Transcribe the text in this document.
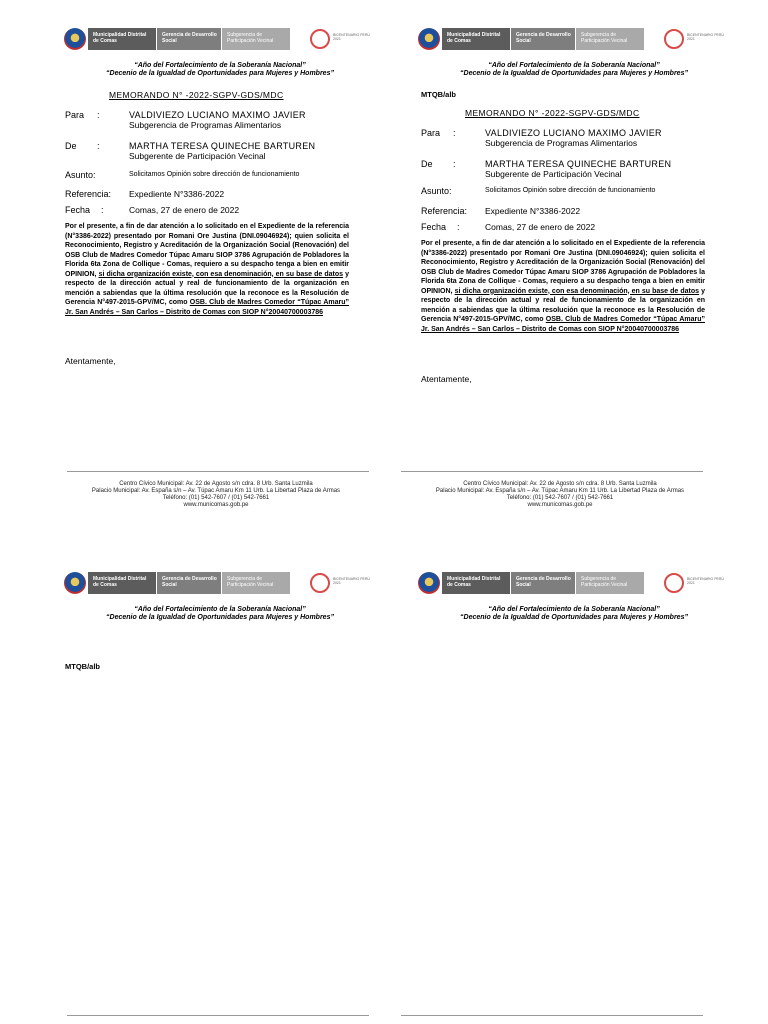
Municipalidad Distrital de Comas
Gerencia de Desarrollo Social
Subgerencia de Participación Vecinal
BICENTENARIO PERÚ 2021
“Año del Fortalecimiento de la Soberanía Nacional”
“Decenio de la Igualdad de Oportunidades para Mujeres y Hombres”
MEMORANDO N° -2022-SGPV-GDS/MDC
Para :	VALDIVIEZO LUCIANO MAXIMO JAVIER
Subgerencia de Programas Alimentarios
De :	MARTHA TERESA QUINECHE BARTUREN
Subgerente de Participación Vecinal
Asunto:	Solicitamos Opinión sobre dirección de funcionamiento
Referencia: Expediente N°3386-2022
Fecha :	Comas, 27 de enero de 2022
Por el presente, a fin de dar atención a lo solicitado en el Expediente de la referencia (N°3386-2022) presentado por Romani Ore Justina (DNI.09046924); quien solicita el Reconocimiento, Registro y Acreditación de la Organización Social (Renovación) del OSB Club de Madres Comedor Túpac Amaru SIOP 3786 Agrupación de Pobladores la Florida 6ta Zona de Collique - Comas, requiero a su despacho tenga a bien en emitir OPINION, si dicha organización existe, con esa denominación, en su base de datos y respecto de la dirección actual y real de funcionamiento de la organización en mención a sabiendas que la última resolución que la reconoce es la Resolución de Gerencia N°497-2015-GPV/MC, como OSB. Club de Madres Comedor “Túpac Amaru” Jr. San Andrés – San Carlos – Distrito de Comas con SIOP N°20040700003786
Atentamente,
Centro Cívico Municipal: Av. 22 de Agosto s/n cdra. 8 Urb. Santa Luzmila
Palacio Municipal: Av. España s/n – Av. Túpac Amaru Km 11 Urb. La Libertad Plaza de Armas
Teléfono: (01) 542-7607 / (01) 542-7661
www.municomas.gob.pe
Municipalidad Distrital de Comas
Gerencia de Desarrollo Social
Subgerencia de Participación Vecinal
BICENTENARIO PERÚ 2021
“Año del Fortalecimiento de la Soberanía Nacional”
“Decenio de la Igualdad de Oportunidades para Mujeres y Hombres”
MTQB/alb
MEMORANDO N° -2022-SGPV-GDS/MDC
Para :	VALDIVIEZO LUCIANO MAXIMO JAVIER
Subgerencia de Programas Alimentarios
De :	MARTHA TERESA QUINECHE BARTUREN
Subgerente de Participación Vecinal
Asunto:	Solicitamos Opinión sobre dirección de funcionamiento
Referencia: Expediente N°3386-2022
Fecha :	Comas, 27 de enero de 2022
Por el presente, a fin de dar atención a lo solicitado en el Expediente de la referencia (N°3386-2022) presentado por Romani Ore Justina (DNI.09046924); quien solicita el Reconocimiento, Registro y Acreditación de la Organización Social (Renovación) del OSB Club de Madres Comedor Túpac Amaru SIOP 3786 Agrupación de Pobladores la Florida 6ta Zona de Collique - Comas, requiero a su despacho tenga a bien en emitir OPINION, si dicha organización existe, con esa denominación, en su base de datos y respecto de la dirección actual y real de funcionamiento de la organización en mención a sabiendas que la última resolución que la reconoce es la Resolución de Gerencia N°497-2015-GPV/MC, como OSB. Club de Madres Comedor “Túpac Amaru” Jr. San Andrés – San Carlos – Distrito de Comas con SIOP N°20040700003786
Atentamente,
Centro Cívico Municipal: Av. 22 de Agosto s/n cdra. 8 Urb. Santa Luzmila
Palacio Municipal: Av. España s/n – Av. Túpac Amaru Km 11 Urb. La Libertad Plaza de Armas
Teléfono: (01) 542-7607 / (01) 542-7661
www.municomas.gob.pe
Municipalidad Distrital de Comas
Gerencia de Desarrollo Social
Subgerencia de Participación Vecinal
BICENTENARIO PERÚ 2021
“Año del Fortalecimiento de la Soberanía Nacional”
“Decenio de la Igualdad de Oportunidades para Mujeres y Hombres”
MTQB/alb
Municipalidad Distrital de Comas
Gerencia de Desarrollo Social
Subgerencia de Participación Vecinal
BICENTENARIO PERÚ 2021
“Año del Fortalecimiento de la Soberanía Nacional”
“Decenio de la Igualdad de Oportunidades para Mujeres y Hombres”
